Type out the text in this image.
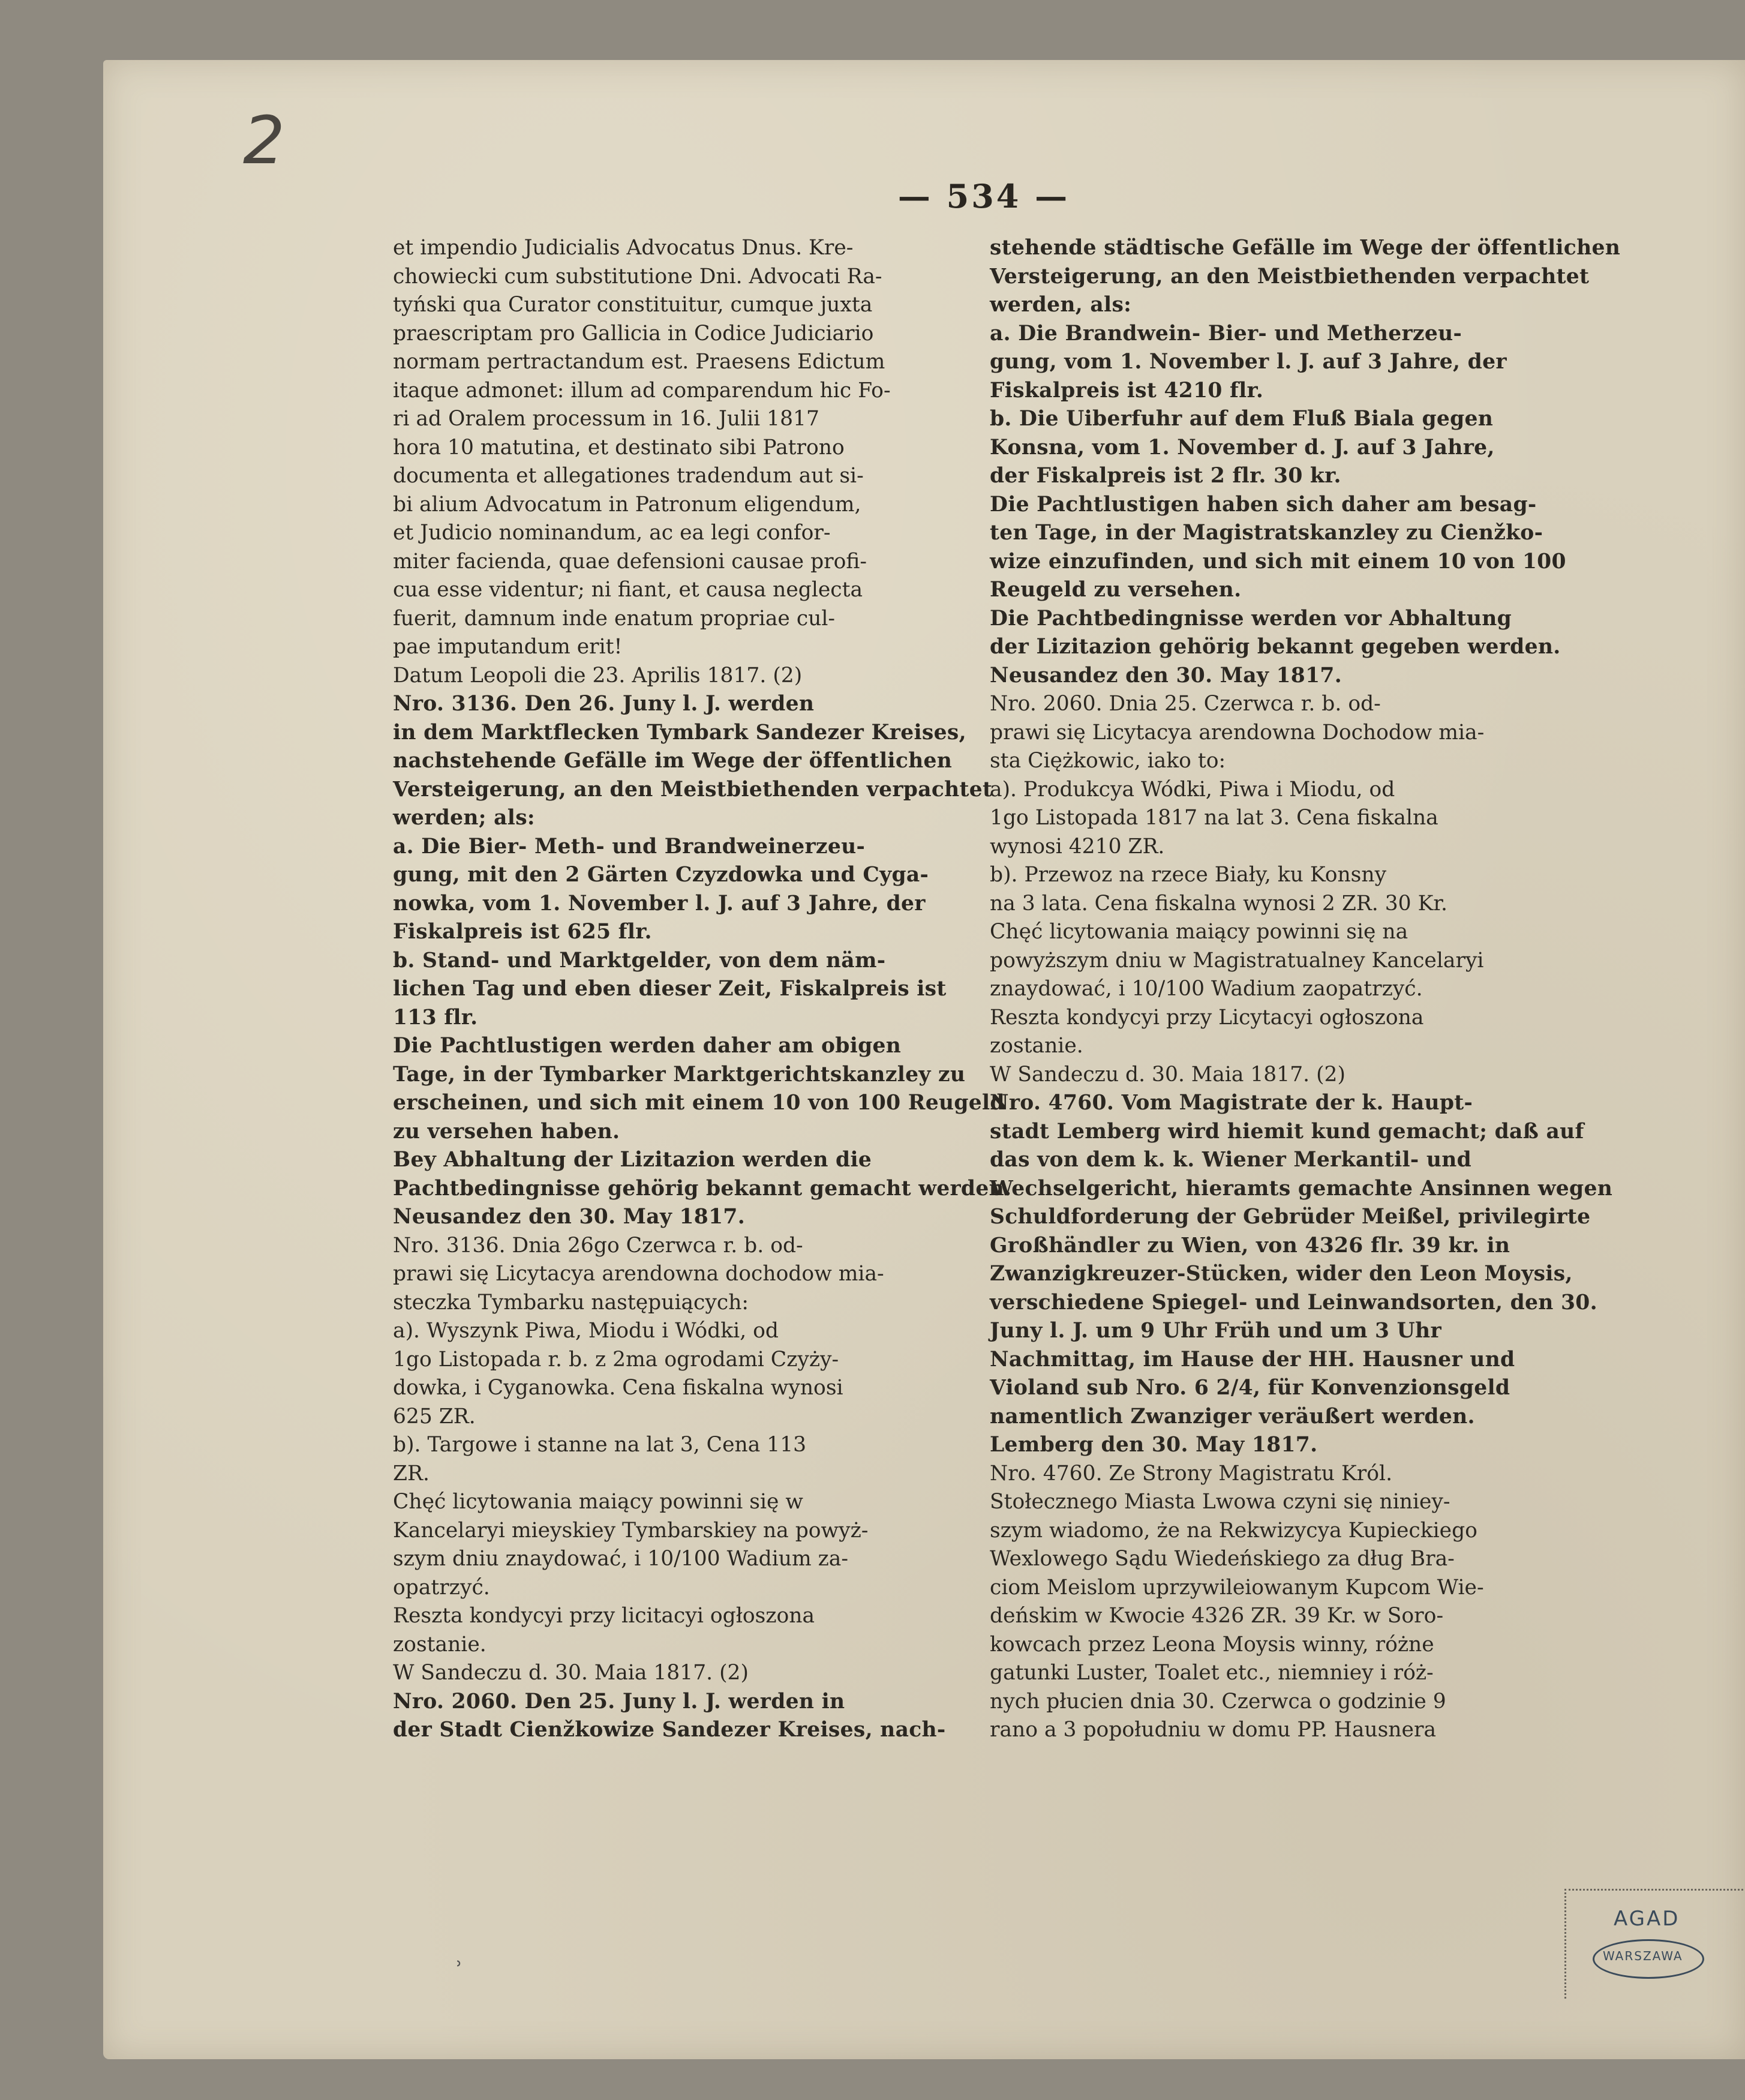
2
— 534 —

et impendio Judicialis Advocatus Dnus. Kre-
chowiecki cum substitutione Dni. Advocati Ra-
tyński qua Curator constituitur, cumque juxta
praescriptam pro Gallicia in Codice Judiciario
normam pertractandum est. Praesens Edictum
itaque admonet: illum ad comparendum hic Fo-
ri ad Oralem processum in 16. Julii 1817
hora 10 matutina, et destinato sibi Patrono
documenta et allegationes tradendum aut si-
bi alium Advocatum in Patronum eligendum,
et Judicio nominandum, ac ea legi confor-
miter facienda, quae defensioni causae profi-
cua esse videntur; ni fiant, et causa neglecta
fuerit, damnum inde enatum propriae cul-
pae imputandum erit!
Datum Leopoli die 23. Aprilis 1817. (2)

Nro. 3136. Den 26. Juny l. J. werden
in dem Marktflecken Tymbark Sandezer Kreises,
nachstehende Gefälle im Wege der öffentlichen
Versteigerung, an den Meistbiethenden verpachtet
werden; als:
a. Die Bier- Meth- und Brandweinerzeu-
gung, mit den 2 Gärten Czyzdowka und Cyga-
nowka, vom 1. November l. J. auf 3 Jahre, der
Fiskalpreis ist 625 flr.
b. Stand- und Marktgelder, von dem näm-
lichen Tag und eben dieser Zeit, Fiskalpreis ist
113 flr.
Die Pachtlustigen werden daher am obigen
Tage, in der Tymbarker Marktgerichtskanzley zu
erscheinen, und sich mit einem 10 von 100 Reugeld
zu versehen haben.
Bey Abhaltung der Lizitazion werden die
Pachtbedingnisse gehörig bekannt gemacht werden.
Neusandez den 30. May 1817.

Nro. 3136. Dnia 26go Czerwca r. b. od-
prawi się Licytacya arendowna dochodow mia-
steczka Tymbarku następuiących:
a). Wyszynk Piwa, Miodu i Wódki, od
1go Listopada r. b. z 2ma ogrodami Czyży-
dowka, i Cyganowka. Cena fiskalna wynosi
625 ZR.
b). Targowe i stanne na lat 3, Cena 113
ZR.
Chęć licytowania maiący powinni się w
Kancelaryi mieyskiey Tymbarskiey na powyż-
szym dniu znaydować, i 10/100 Wadium za-
opatrzyć.
Reszta kondycyi przy licitacyi ogłoszona
zostanie.
W Sandeczu d. 30. Maia 1817. (2)

Nro. 2060. Den 25. Juny l. J. werden in
der Stadt Cienžkowize Sandezer Kreises, nach-

stehende städtische Gefälle im Wege der öffentlichen
Versteigerung, an den Meistbiethenden verpachtet
werden, als:
a. Die Brandwein- Bier- und Metherzeu-
gung, vom 1. November l. J. auf 3 Jahre, der
Fiskalpreis ist 4210 flr.
b. Die Uiberfuhr auf dem Fluß Biala gegen
Konsna, vom 1. November d. J. auf 3 Jahre,
der Fiskalpreis ist 2 flr. 30 kr.
Die Pachtlustigen haben sich daher am besag-
ten Tage, in der Magistratskanzley zu Cienžko-
wize einzufinden, und sich mit einem 10 von 100
Reugeld zu versehen.
Die Pachtbedingnisse werden vor Abhaltung
der Lizitazion gehörig bekannt gegeben werden.
Neusandez den 30. May 1817.

Nro. 2060. Dnia 25. Czerwca r. b. od-
prawi się Licytacya arendowna Dochodow mia-
sta Ciężkowic, iako to:
a). Produkcya Wódki, Piwa i Miodu, od
1go Listopada 1817 na lat 3. Cena fiskalna
wynosi 4210 ZR.
b). Przewoz na rzece Biały, ku Konsny
na 3 lata. Cena fiskalna wynosi 2 ZR. 30 Kr.
Chęć licytowania maiący powinni się na
powyższym dniu w Magistratualney Kancelaryi
znaydować, i 10/100 Wadium zaopatrzyć.
Reszta kondycyi przy Licytacyi ogłoszona
zostanie.
W Sandeczu d. 30. Maia 1817. (2)

Nro. 4760. Vom Magistrate der k. Haupt-
stadt Lemberg wird hiemit kund gemacht; daß auf
das von dem k. k. Wiener Merkantil- und
Wechselgericht, hieramts gemachte Ansinnen wegen
Schuldforderung der Gebrüder Meißel, privilegirte
Großhändler zu Wien, von 4326 flr. 39 kr. in
Zwanzigkreuzer-Stücken, wider den Leon Moysis,
verschiedene Spiegel- und Leinwandsorten, den 30.
Juny l. J. um 9 Uhr Früh und um 3 Uhr
Nachmittag, im Hause der HH. Hausner und
Violand sub Nro. 6 2/4, für Konvenzionsgeld
namentlich Zwanziger veräußert werden.
Lemberg den 30. May 1817.

Nro. 4760. Ze Strony Magistratu Król.
Stołecznego Miasta Lwowa czyni się niniey-
szym wiadomo, że na Rekwizycya Kupieckiego
Wexlowego Sądu Wiedeńskiego za dług Bra-
ciom Meislom uprzywileiowanym Kupcom Wie-
deńskim w Kwocie 4326 ZR. 39 Kr. w Soro-
kowcach przez Leona Moysis winny, różne
gatunki Luster, Toalet etc., niemniey i róż-
nych płucien dnia 30. Czerwca o godzinie 9
rano a 3 popołudniu w domu PP. Hausnera

˒
AGAD
WARSZAWA
